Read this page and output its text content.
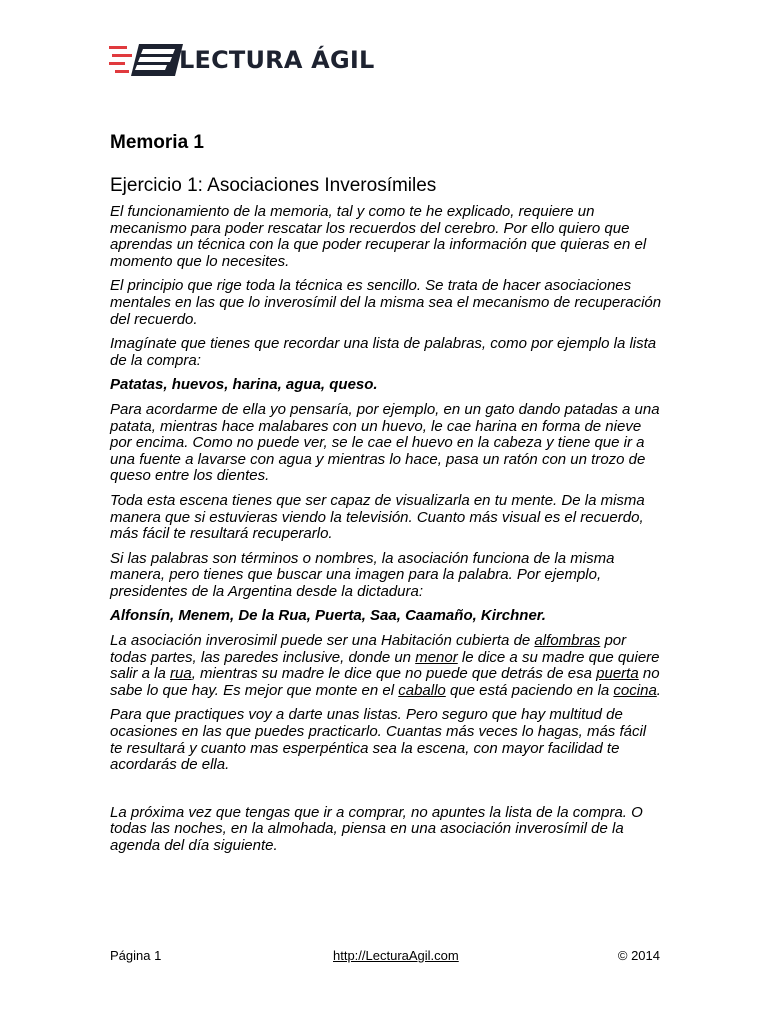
LECTURA ÁGIL
Memoria 1
Ejercicio 1: Asociaciones Inverosímiles

El funcionamiento de la memoria, tal y como te he explicado, requiere un mecanismo para poder rescatar los recuerdos del cerebro. Por ello quiero que aprendas un técnica con la que poder recuperar la información que quieras en el momento que lo necesites.

El principio que rige toda la técnica es sencillo. Se trata de hacer asociaciones mentales en las que lo inverosímil del la misma sea el mecanismo de recuperación del recuerdo.

Imagínate que tienes que recordar una lista de palabras, como por ejemplo la lista de la compra:

Patatas, huevos, harina, agua, queso.

Para acordarme de ella yo pensaría, por ejemplo, en un gato dando patadas a una patata, mientras hace malabares con un huevo, le cae harina en forma de nieve por encima. Como no puede ver, se le cae el huevo en la cabeza y tiene que ir a una fuente a lavarse con agua y mientras lo hace, pasa un ratón con un trozo de queso entre los dientes.

Toda esta escena tienes que ser capaz de visualizarla en tu mente. De la misma manera que si estuvieras viendo la televisión. Cuanto más visual es el recuerdo, más fácil te resultará recuperarlo.

Si las palabras son términos o nombres, la asociación funciona de la misma manera, pero tienes que buscar una imagen para la palabra. Por ejemplo, presidentes de la Argentina desde la dictadura:

Alfonsín, Menem, De la Rua, Puerta, Saa, Caamaño, Kirchner.

La asociación inverosimil puede ser una Habitación cubierta de alfombras por todas partes, las paredes inclusive, donde un menor le dice a su madre que quiere salir a la rua, mientras su madre le dice que no puede que detrás de esa puerta no sabe lo que hay. Es mejor que monte en el caballo que está paciendo en la cocina.

Para que practiques voy a darte unas listas. Pero seguro que hay multitud de ocasiones en las que puedes practicarlo. Cuantas más veces lo hagas, más fácil te resultará y cuanto mas esperpéntica sea la escena, con mayor facilidad te acordarás de ella.

La próxima vez que tengas que ir a comprar, no apuntes la lista de la compra. O todas las noches, en la almohada, piensa en una asociación inverosímil de la agenda del día siguiente.

Página 1	http://LecturaAgil.com	© 2014
